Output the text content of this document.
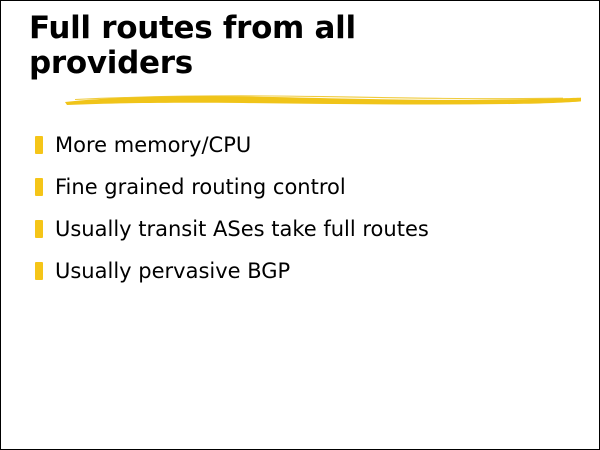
Full routes from all
providers
More memory/CPU
Fine grained routing control
Usually transit ASes take full routes
Usually pervasive BGP
